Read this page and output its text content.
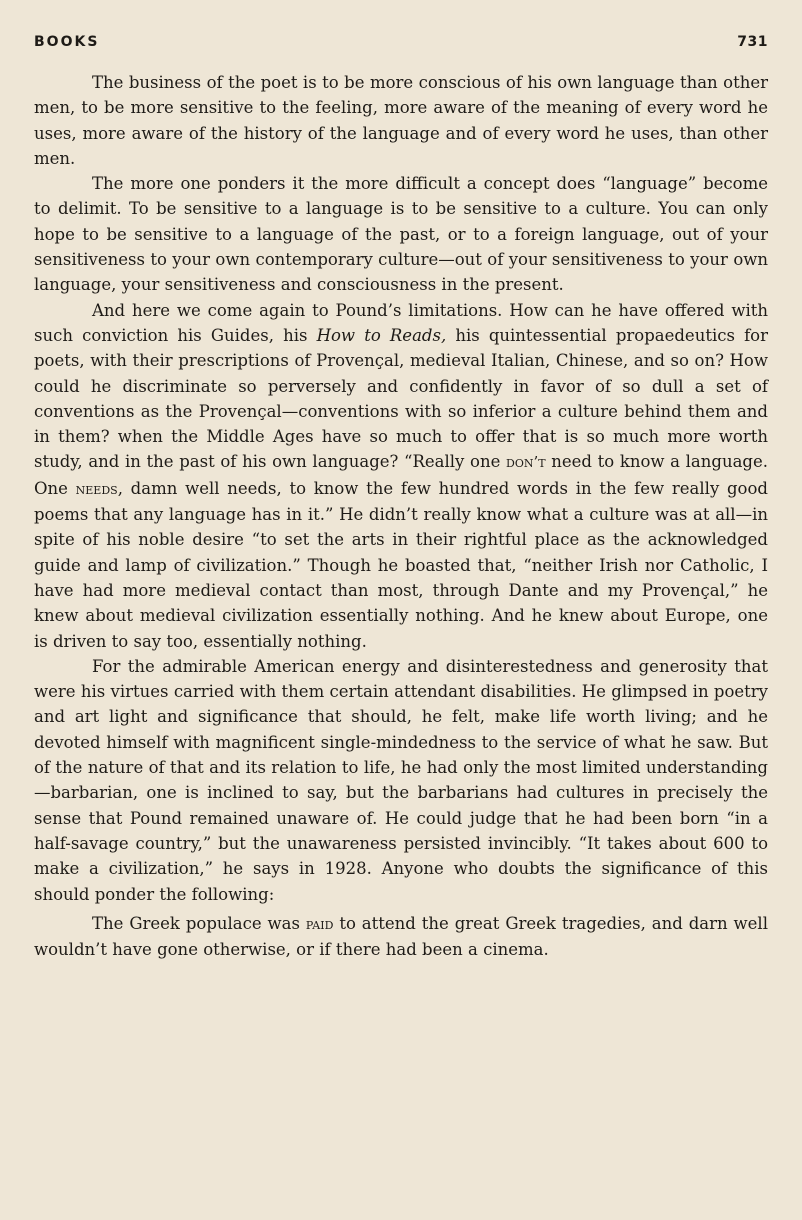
BOOKS	731

The business of the poet is to be more conscious of his own language than other men, to be more sensitive to the feeling, more aware of the meaning of every word he uses, more aware of the history of the language and of every word he uses, than other men.

The more one ponders it the more difficult a concept does “language” become to delimit. To be sensitive to a language is to be sensitive to a culture. You can only hope to be sensitive to a language of the past, or to a foreign language, out of your sensitiveness to your own contemporary culture—out of your sensitiveness to your own language, your sensitiveness and consciousness in the present.

And here we come again to Pound’s limitations. How can he have offered with such conviction his Guides, his How to Reads, his quintessential propaedeutics for poets, with their prescriptions of Provençal, medieval Italian, Chinese, and so on? How could he discriminate so perversely and confidently in favor of so dull a set of conventions as the Provençal—conventions with so inferior a culture behind them and in them? when the Middle Ages have so much to offer that is so much more worth study, and in the past of his own language? “Really one don’t need to know a language. One needs, damn well needs, to know the few hundred words in the few really good poems that any language has in it.” He didn’t really know what a culture was at all—in spite of his noble desire “to set the arts in their rightful place as the acknowledged guide and lamp of civilization.” Though he boasted that, “neither Irish nor Catholic, I have had more medieval contact than most, through Dante and my Provençal,” he knew about medieval civilization essentially nothing. And he knew about Europe, one is driven to say too, essentially nothing.

For the admirable American energy and disinterestedness and generosity that were his virtues carried with them certain attendant disabilities. He glimpsed in poetry and art light and significance that should, he felt, make life worth living; and he devoted himself with magnificent single-mindedness to the service of what he saw. But of the nature of that and its relation to life, he had only the most limited understanding—barbarian, one is inclined to say, but the barbarians had cultures in precisely the sense that Pound remained unaware of. He could judge that he had been born “in a half-savage country,” but the unawareness persisted invincibly. “It takes about 600 to make a civilization,” he says in 1928. Anyone who doubts the significance of this should ponder the following:

The Greek populace was paid to attend the great Greek tragedies, and darn well wouldn’t have gone otherwise, or if there had been a cinema.
